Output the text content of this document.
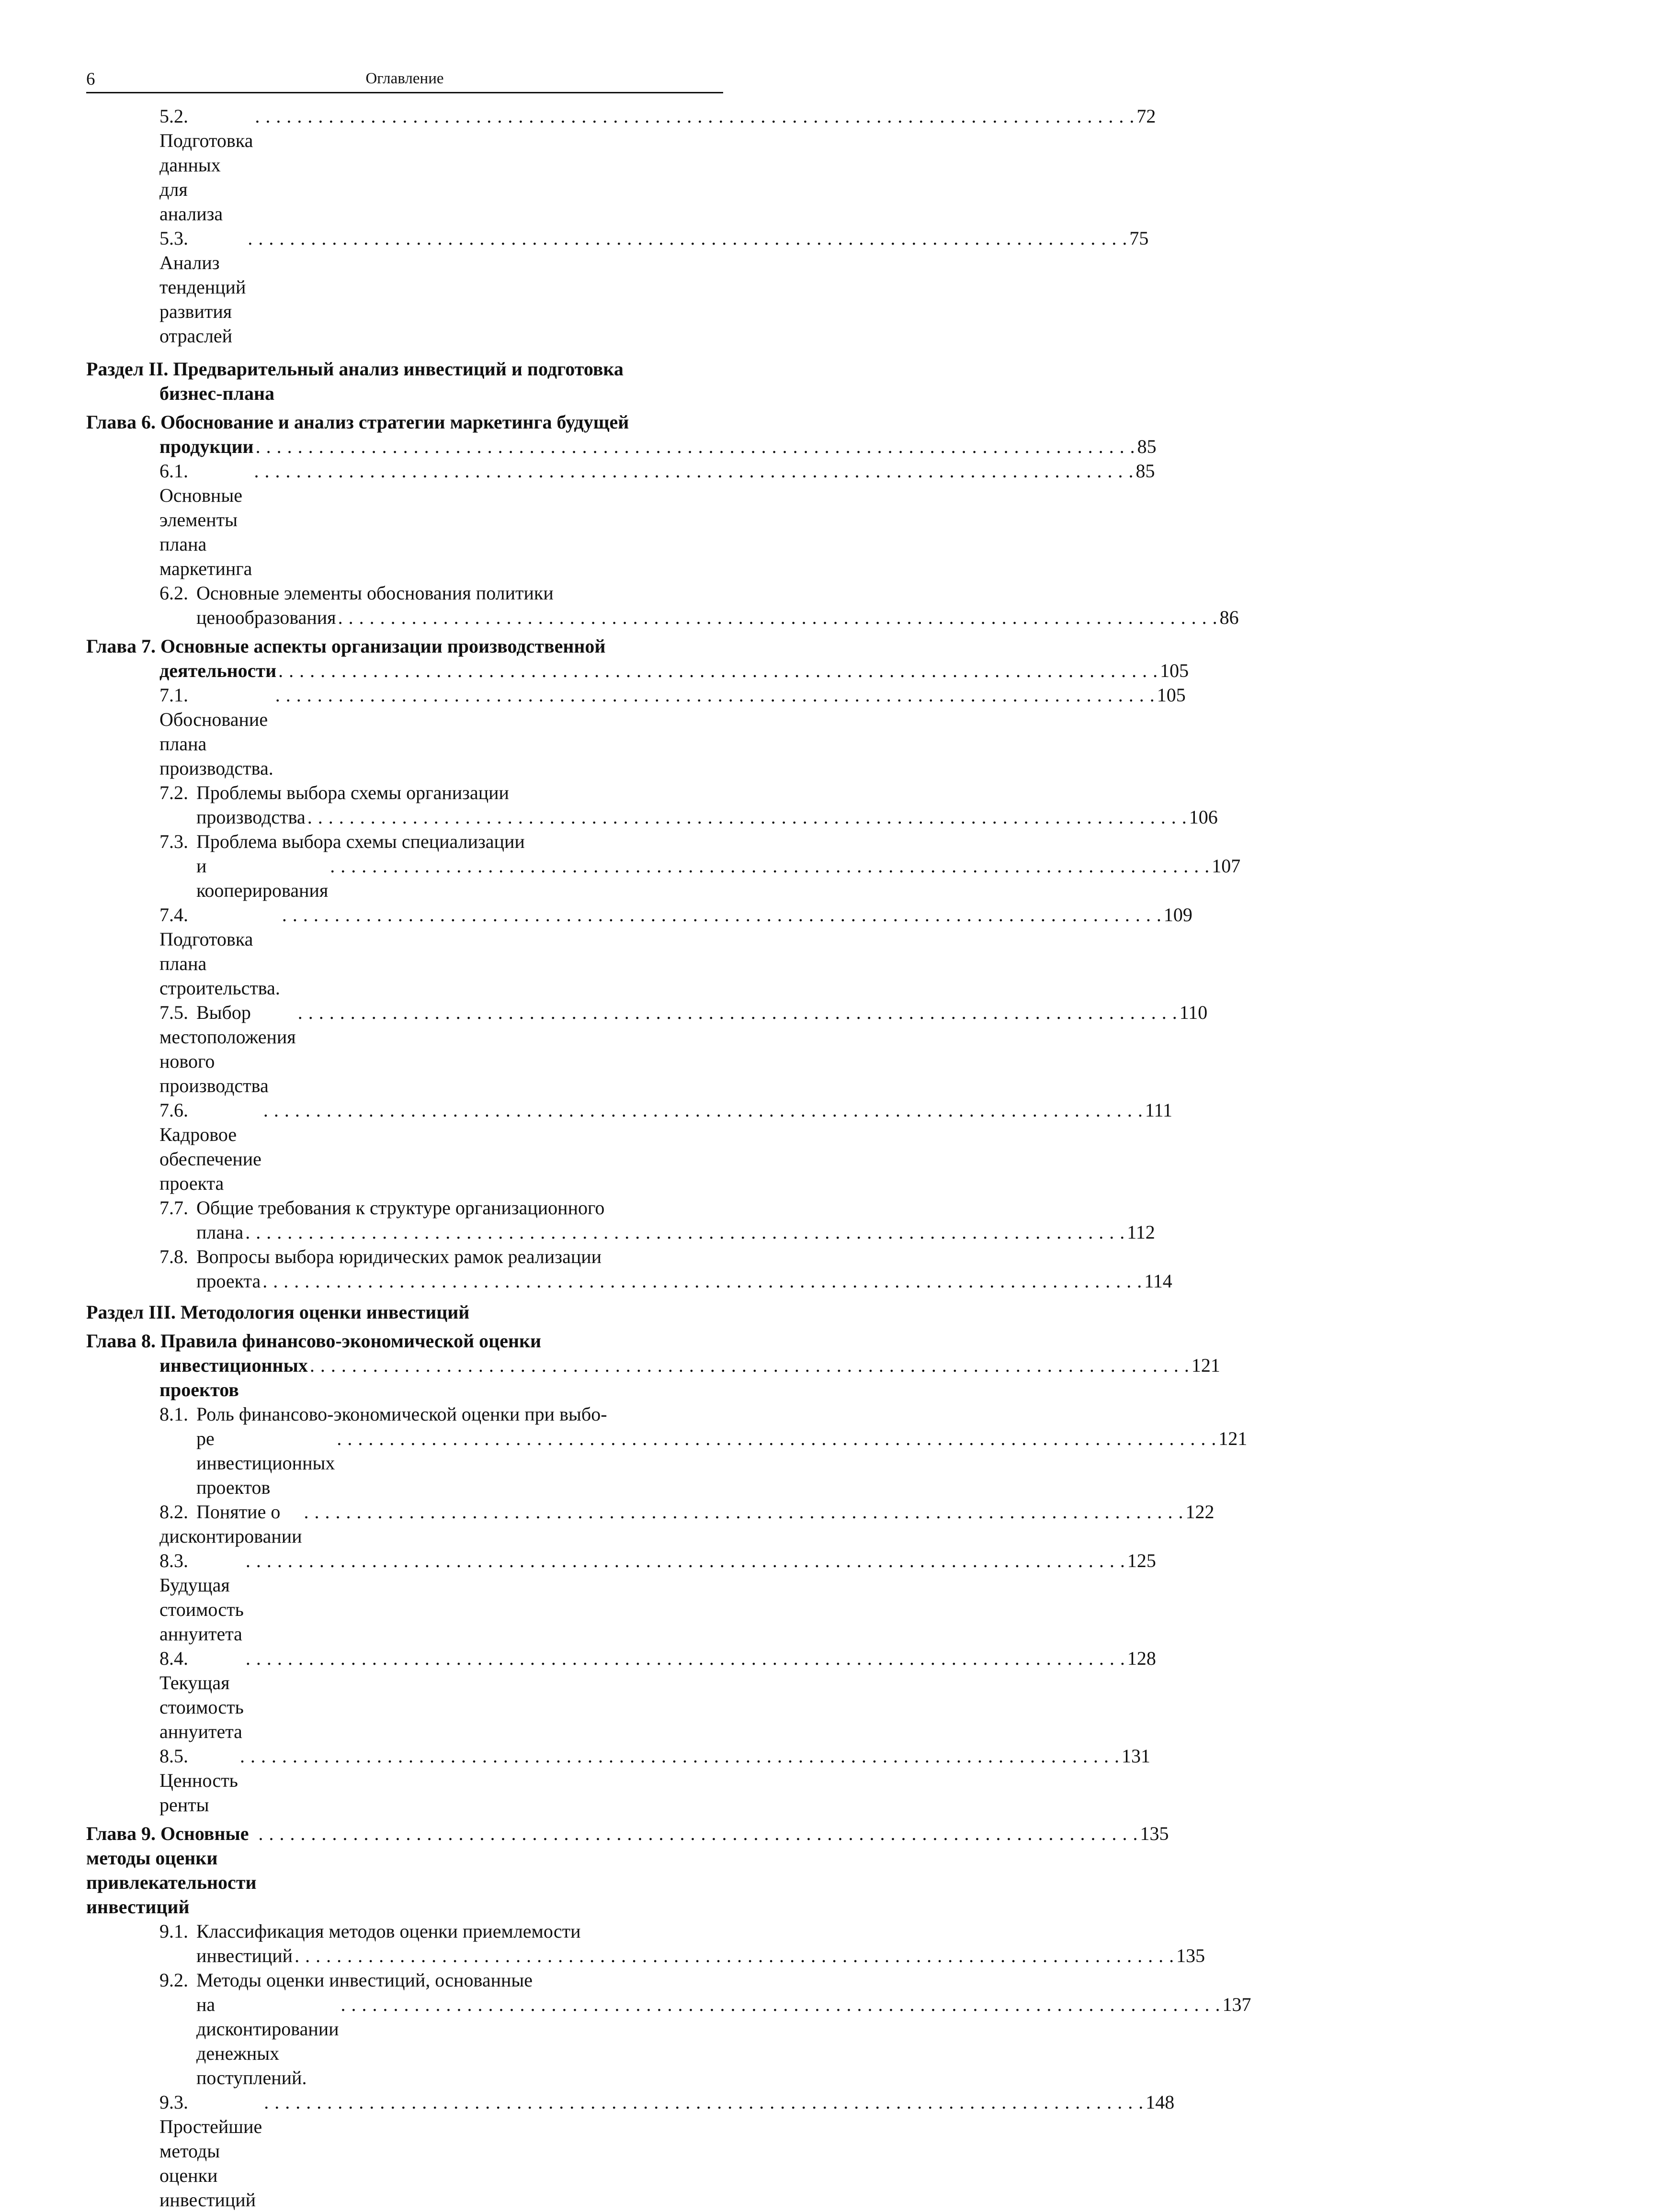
6	Оглавление
5.2.Подготовка данных для анализа
. . . . . . . . . . . . . . . . . . . . . . . . . . . . . . . . . . . . . . . . . . . . . . . . . . . . . . . . . . . . . . . . . . . . . . . . . . . . . . . . . . . . 72
5.3.Анализ тенденций развития отраслей
. . . . . . . . . . . . . . . . . . . . . . . . . . . . . . . . . . . . . . . . . . . . . . . . . . . . . . . . . . . . . . . . . . . . . . . . . . . . . . . . . . . . 75
Раздел II. Предварительный анализ инвестиций и подготовка
бизнес-плана
Глава 6. Обоснование и анализ стратегии маркетинга будущей
продукции . . . . . . . . . . . . . . . . . . . . . . . . . . . . . . . . . . . . . . . . . . . . . . . . . . . . . . . . . . . . . . . . . . . . . . . . . . . . . . . . . . . . 85
6.1.Основные элементы плана маркетинга
. . . . . . . . . . . . . . . . . . . . . . . . . . . . . . . . . . . . . . . . . . . . . . . . . . . . . . . . . . . . . . . . . . . . . . . . . . . . . . . . . . . . 85
6.2. Основные элементы обоснования политики
ценообразования . . . . . . . . . . . . . . . . . . . . . . . . . . . . . . . . . . . . . . . . . . . . . . . . . . . . . . . . . . . . . . . . . . . . . . . . . . . . . . . . . . . . 86
Глава 7. Основные аспекты организации производственной
деятельности . . . . . . . . . . . . . . . . . . . . . . . . . . . . . . . . . . . . . . . . . . . . . . . . . . . . . . . . . . . . . . . . . . . . . . . . . . . . . . . . . . . . 105
7.1.Обоснование плана производства.
. . . . . . . . . . . . . . . . . . . . . . . . . . . . . . . . . . . . . . . . . . . . . . . . . . . . . . . . . . . . . . . . . . . . . . . . . . . . . . . . . . . . 105
7.2. Проблемы выбора схемы организации
производства . . . . . . . . . . . . . . . . . . . . . . . . . . . . . . . . . . . . . . . . . . . . . . . . . . . . . . . . . . . . . . . . . . . . . . . . . . . . . . . . . . . . 106
7.3. Проблема выбора схемы специализации
и кооперирования
. . . . . . . . . . . . . . . . . . . . . . . . . . . . . . . . . . . . . . . . . . . . . . . . . . . . . . . . . . . . . . . . . . . . . . . . . . . . . . . . . . . . 107
7.4.Подготовка плана строительства.
. . . . . . . . . . . . . . . . . . . . . . . . . . . . . . . . . . . . . . . . . . . . . . . . . . . . . . . . . . . . . . . . . . . . . . . . . . . . . . . . . . . . 109
7.5. Выбор местоположения нового производства
. . . . . . . . . . . . . . . . . . . . . . . . . . . . . . . . . . . . . . . . . . . . . . . . . . . . . . . . . . . . . . . . . . . . . . . . . . . . . . . . . . . . 110
7.6.Кадровое обеспечение проекта
. . . . . . . . . . . . . . . . . . . . . . . . . . . . . . . . . . . . . . . . . . . . . . . . . . . . . . . . . . . . . . . . . . . . . . . . . . . . . . . . . . . . 111
7.7. Общие требования к структуре организационного
плана . . . . . . . . . . . . . . . . . . . . . . . . . . . . . . . . . . . . . . . . . . . . . . . . . . . . . . . . . . . . . . . . . . . . . . . . . . . . . . . . . . . . 112
7.8. Вопросы выбора юридических рамок реализации
проекта . . . . . . . . . . . . . . . . . . . . . . . . . . . . . . . . . . . . . . . . . . . . . . . . . . . . . . . . . . . . . . . . . . . . . . . . . . . . . . . . . . . . 114
Раздел III. Методология оценки инвестиций
Глава 8. Правила финансово-экономической оценки
инвестиционных проектов
. . . . . . . . . . . . . . . . . . . . . . . . . . . . . . . . . . . . . . . . . . . . . . . . . . . . . . . . . . . . . . . . . . . . . . . . . . . . . . . . . . . . 121
8.1. Роль финансово-экономической оценки при выбо-
ре инвестиционных проектов
. . . . . . . . . . . . . . . . . . . . . . . . . . . . . . . . . . . . . . . . . . . . . . . . . . . . . . . . . . . . . . . . . . . . . . . . . . . . . . . . . . . . 121
8.2. Понятие о дисконтировании
. . . . . . . . . . . . . . . . . . . . . . . . . . . . . . . . . . . . . . . . . . . . . . . . . . . . . . . . . . . . . . . . . . . . . . . . . . . . . . . . . . . . 122
8.3.Будущая стоимость аннуитета
. . . . . . . . . . . . . . . . . . . . . . . . . . . . . . . . . . . . . . . . . . . . . . . . . . . . . . . . . . . . . . . . . . . . . . . . . . . . . . . . . . . . 125
8.4.Текущая стоимость аннуитета
. . . . . . . . . . . . . . . . . . . . . . . . . . . . . . . . . . . . . . . . . . . . . . . . . . . . . . . . . . . . . . . . . . . . . . . . . . . . . . . . . . . . 128
8.5.Ценность ренты
. . . . . . . . . . . . . . . . . . . . . . . . . . . . . . . . . . . . . . . . . . . . . . . . . . . . . . . . . . . . . . . . . . . . . . . . . . . . . . . . . . . . 131
Глава 9. Основные методы оценки привлекательности инвестиций
. . . . . . . . . . . . . . . . . . . . . . . . . . . . . . . . . . . . . . . . . . . . . . . . . . . . . . . . . . . . . . . . . . . . . . . . . . . . . . . . . . . . 135
9.1. Классификация методов оценки приемлемости
инвестиций . . . . . . . . . . . . . . . . . . . . . . . . . . . . . . . . . . . . . . . . . . . . . . . . . . . . . . . . . . . . . . . . . . . . . . . . . . . . . . . . . . . . 135
9.2. Методы оценки инвестиций, основанные
на дисконтировании денежных поступлений.
. . . . . . . . . . . . . . . . . . . . . . . . . . . . . . . . . . . . . . . . . . . . . . . . . . . . . . . . . . . . . . . . . . . . . . . . . . . . . . . . . . . . 137
9.3.Простейшие методы оценки инвестиций
. . . . . . . . . . . . . . . . . . . . . . . . . . . . . . . . . . . . . . . . . . . . . . . . . . . . . . . . . . . . . . . . . . . . . . . . . . . . . . . . . . . . 148
